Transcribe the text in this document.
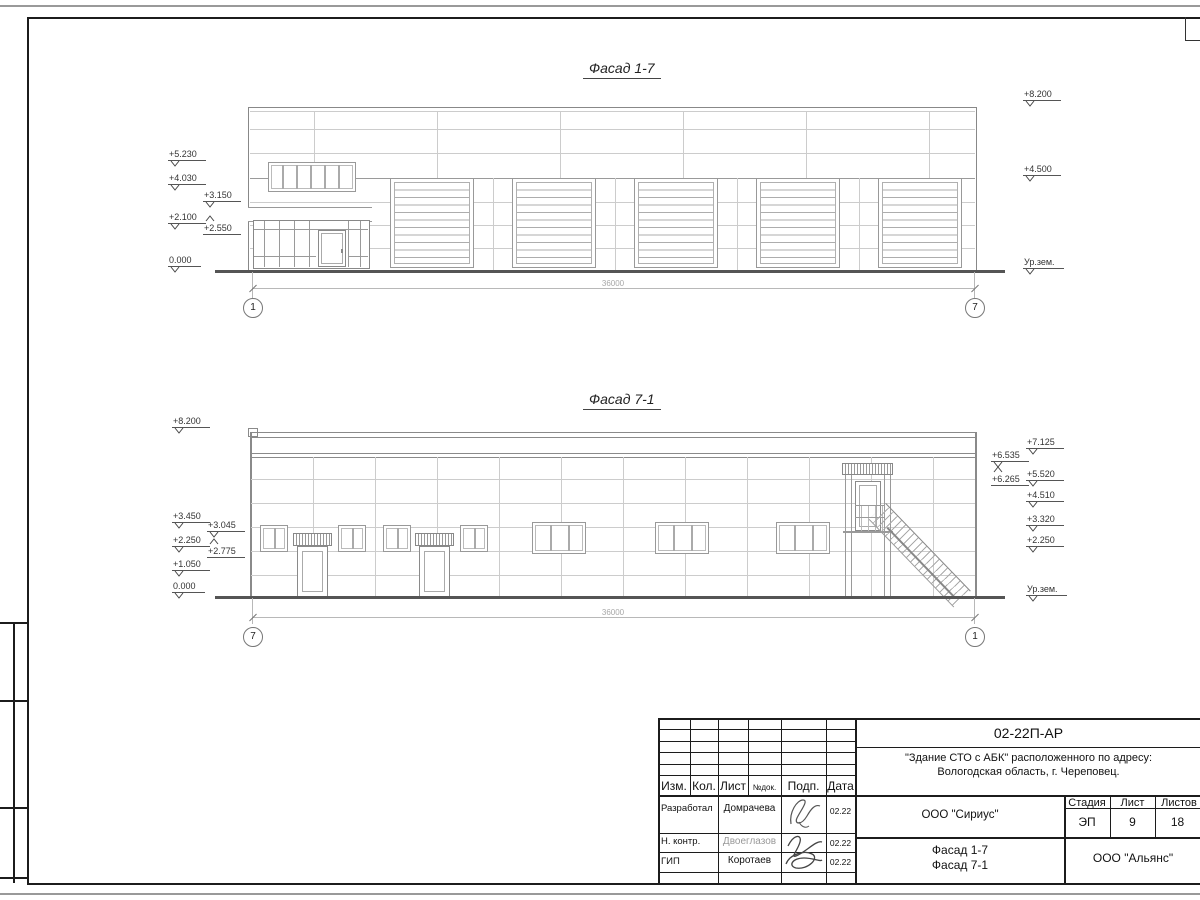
Фасад 1-7
36000
1	7
+5.230
+4.030
+3.150
+2.100
+2.550
0.000
+8.200
+4.500
Ур.зем.
Фасад 7-1
36000
7	1
+8.200
+3.450
+3.045
+2.250
+2.775
+1.050
0.000
+7.125
+6.535
+6.265 +5.520
+4.510
+3.320
+2.250
Ур.зем.
Изм. Кол. Лист №док. Подп. Дата
Разработал	Домрачева	02.22
Н. контр.	Двоеглазов	02.22
ГИП	Коротаев	02.22
02-22П-АР
"Здание СТО с АБК" расположенного по адресу:
Вологодская область, г. Череповец.
ООО "Сириус"
Стадия	Лист	Листов
ЭП	9	18
Фасад 1-7
Фасад 7-1	ООО "Альянс"
